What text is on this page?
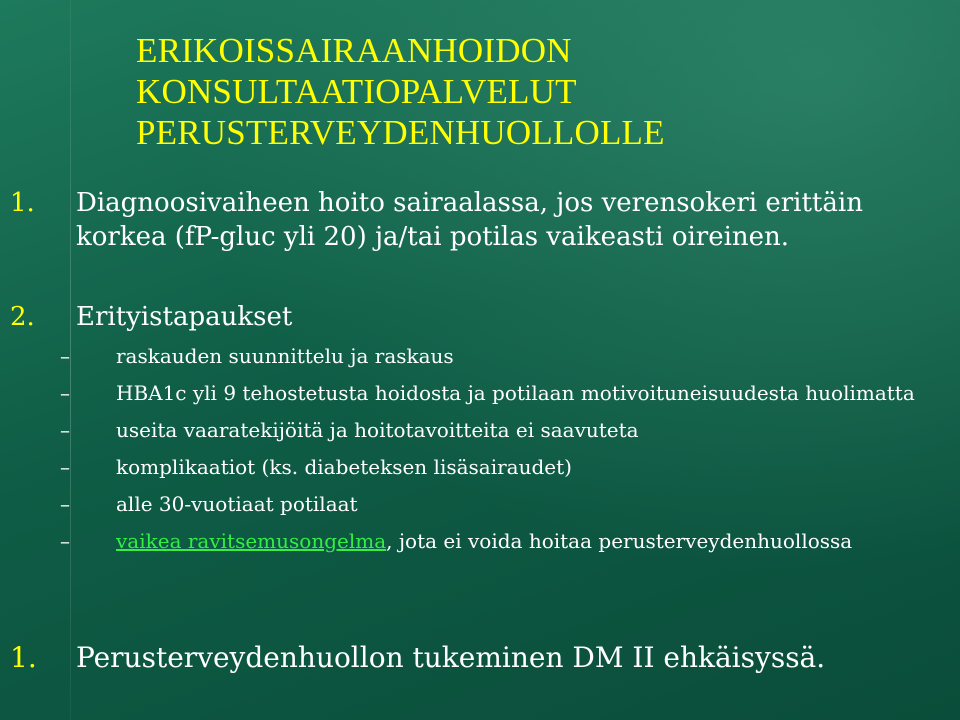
ERIKOISSAIRAANHOIDON
KONSULTAATIOPALVELUT
PERUSTERVEYDENHUOLLOLLE
1. Diagnoosivaiheen hoito sairaalassa, jos verensokeri erittäin korkea (fP-gluc yli 20) ja/tai potilas vaikeasti oireinen.
2. Erityistapaukset
– raskauden suunnittelu ja raskaus
– HBA1c yli 9 tehostetusta hoidosta ja potilaan motivoituneisuudesta huolimatta
– useita vaaratekijöitä ja hoitotavoitteita ei saavuteta
– komplikaatiot (ks. diabeteksen lisäsairaudet)
– alle 30-vuotiaat potilaat
– vaikea ravitsemusongelma, jota ei voida hoitaa perusterveydenhuollossa
1. Perusterveydenhuollon tukeminen DM II ehkäisyssä.
